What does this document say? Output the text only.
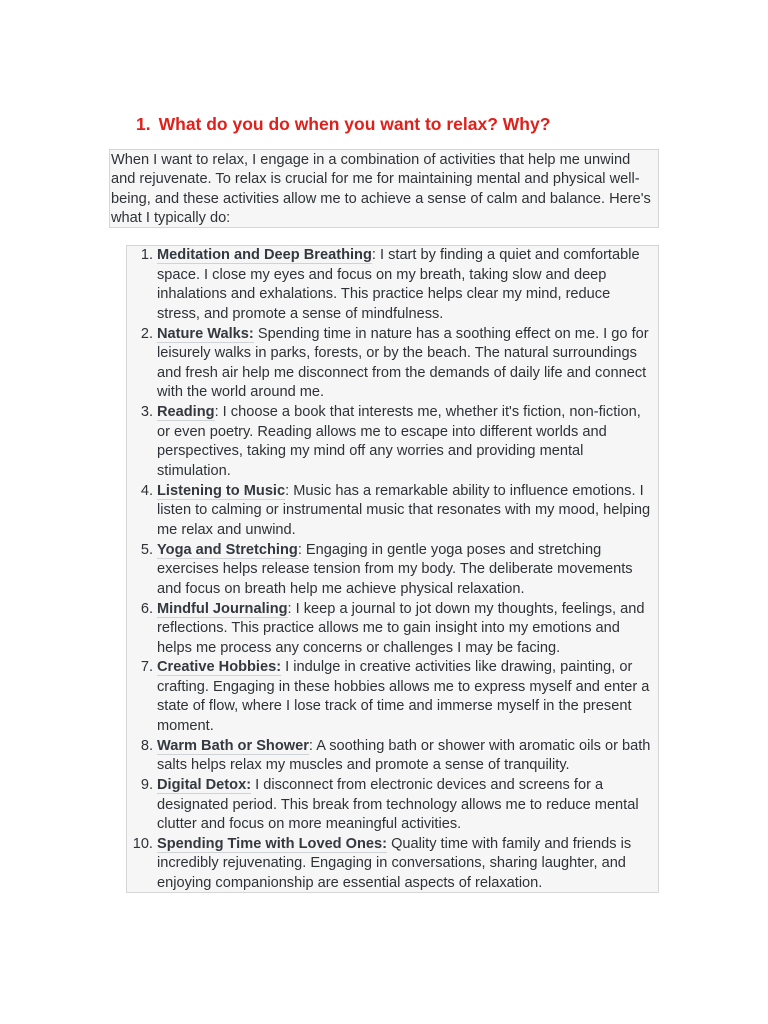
1. What do you do when you want to relax? Why?
When I want to relax, I engage in a combination of activities that help me unwind and rejuvenate. To relax is crucial for me for maintaining mental and physical well-being, and these activities allow me to achieve a sense of calm and balance. Here's what I typically do:
1. Meditation and Deep Breathing: I start by finding a quiet and comfortable space. I close my eyes and focus on my breath, taking slow and deep inhalations and exhalations. This practice helps clear my mind, reduce stress, and promote a sense of mindfulness.
2. Nature Walks: Spending time in nature has a soothing effect on me. I go for leisurely walks in parks, forests, or by the beach. The natural surroundings and fresh air help me disconnect from the demands of daily life and connect with the world around me.
3. Reading: I choose a book that interests me, whether it's fiction, non-fiction, or even poetry. Reading allows me to escape into different worlds and perspectives, taking my mind off any worries and providing mental stimulation.
4. Listening to Music: Music has a remarkable ability to influence emotions. I listen to calming or instrumental music that resonates with my mood, helping me relax and unwind.
5. Yoga and Stretching: Engaging in gentle yoga poses and stretching exercises helps release tension from my body. The deliberate movements and focus on breath help me achieve physical relaxation.
6. Mindful Journaling: I keep a journal to jot down my thoughts, feelings, and reflections. This practice allows me to gain insight into my emotions and helps me process any concerns or challenges I may be facing.
7. Creative Hobbies: I indulge in creative activities like drawing, painting, or crafting. Engaging in these hobbies allows me to express myself and enter a state of flow, where I lose track of time and immerse myself in the present moment.
8. Warm Bath or Shower: A soothing bath or shower with aromatic oils or bath salts helps relax my muscles and promote a sense of tranquility.
9. Digital Detox: I disconnect from electronic devices and screens for a designated period. This break from technology allows me to reduce mental clutter and focus on more meaningful activities.
10. Spending Time with Loved Ones: Quality time with family and friends is incredibly rejuvenating. Engaging in conversations, sharing laughter, and enjoying companionship are essential aspects of relaxation.
